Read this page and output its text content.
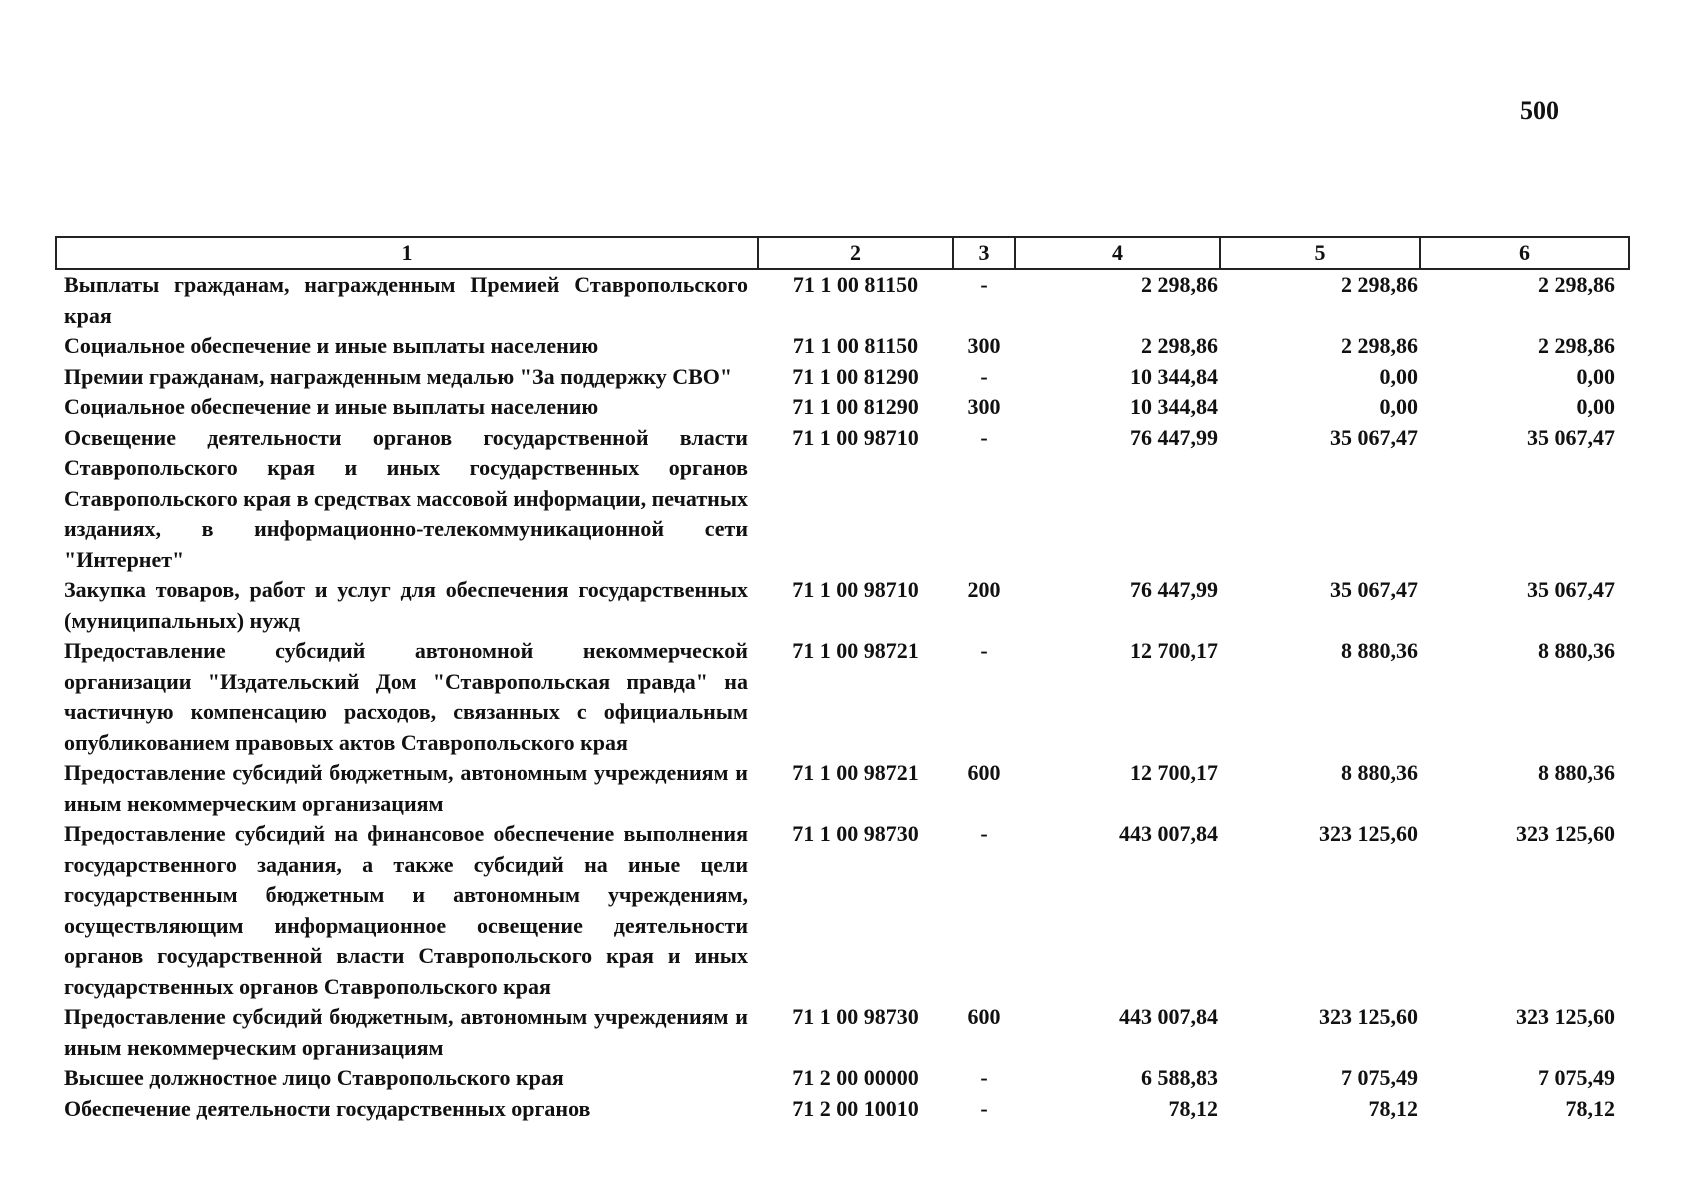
500
1	2	3	4	5	6
Выплаты гражданам, награжденным Премией Ставропольского края	71 1 00 81150	-	2 298,86	2 298,86	2 298,86
Социальное обеспечение и иные выплаты населению	71 1 00 81150	300	2 298,86	2 298,86	2 298,86
Премии гражданам, награжденным медалью "За поддержку СВО"	71 1 00 81290	-	10 344,84	0,00	0,00
Социальное обеспечение и иные выплаты населению	71 1 00 81290	300	10 344,84	0,00	0,00
Освещение деятельности органов государственной власти Ставропольского края и иных государственных органов Ставропольского края в средствах массовой информации, печатных изданиях, в информационно-телекоммуникационной сети "Интернет"	71 1 00 98710	-	76 447,99	35 067,47	35 067,47
Закупка товаров, работ и услуг для обеспечения государственных (муниципальных) нужд	71 1 00 98710	200	76 447,99	35 067,47	35 067,47
Предоставление субсидий автономной некоммерческой организации "Издательский Дом "Ставропольская правда" на частичную компенсацию расходов, связанных с официальным опубликованием правовых актов Ставропольского края	71 1 00 98721	-	12 700,17	8 880,36	8 880,36
Предоставление субсидий бюджетным, автономным учреждениям и иным некоммерческим организациям	71 1 00 98721	600	12 700,17	8 880,36	8 880,36
Предоставление субсидий на финансовое обеспечение выполнения государственного задания, а также субсидий на иные цели государственным бюджетным и автономным учреждениям, осуществляющим информационное освещение деятельности органов государственной власти Ставропольского края и иных государственных органов Ставропольского края	71 1 00 98730	-	443 007,84	323 125,60	323 125,60
Предоставление субсидий бюджетным, автономным учреждениям и иным некоммерческим организациям	71 1 00 98730	600	443 007,84	323 125,60	323 125,60
Высшее должностное лицо Ставропольского края	71 2 00 00000	-	6 588,83	7 075,49	7 075,49
Обеспечение деятельности государственных органов	71 2 00 10010	-	78,12	78,12	78,12
